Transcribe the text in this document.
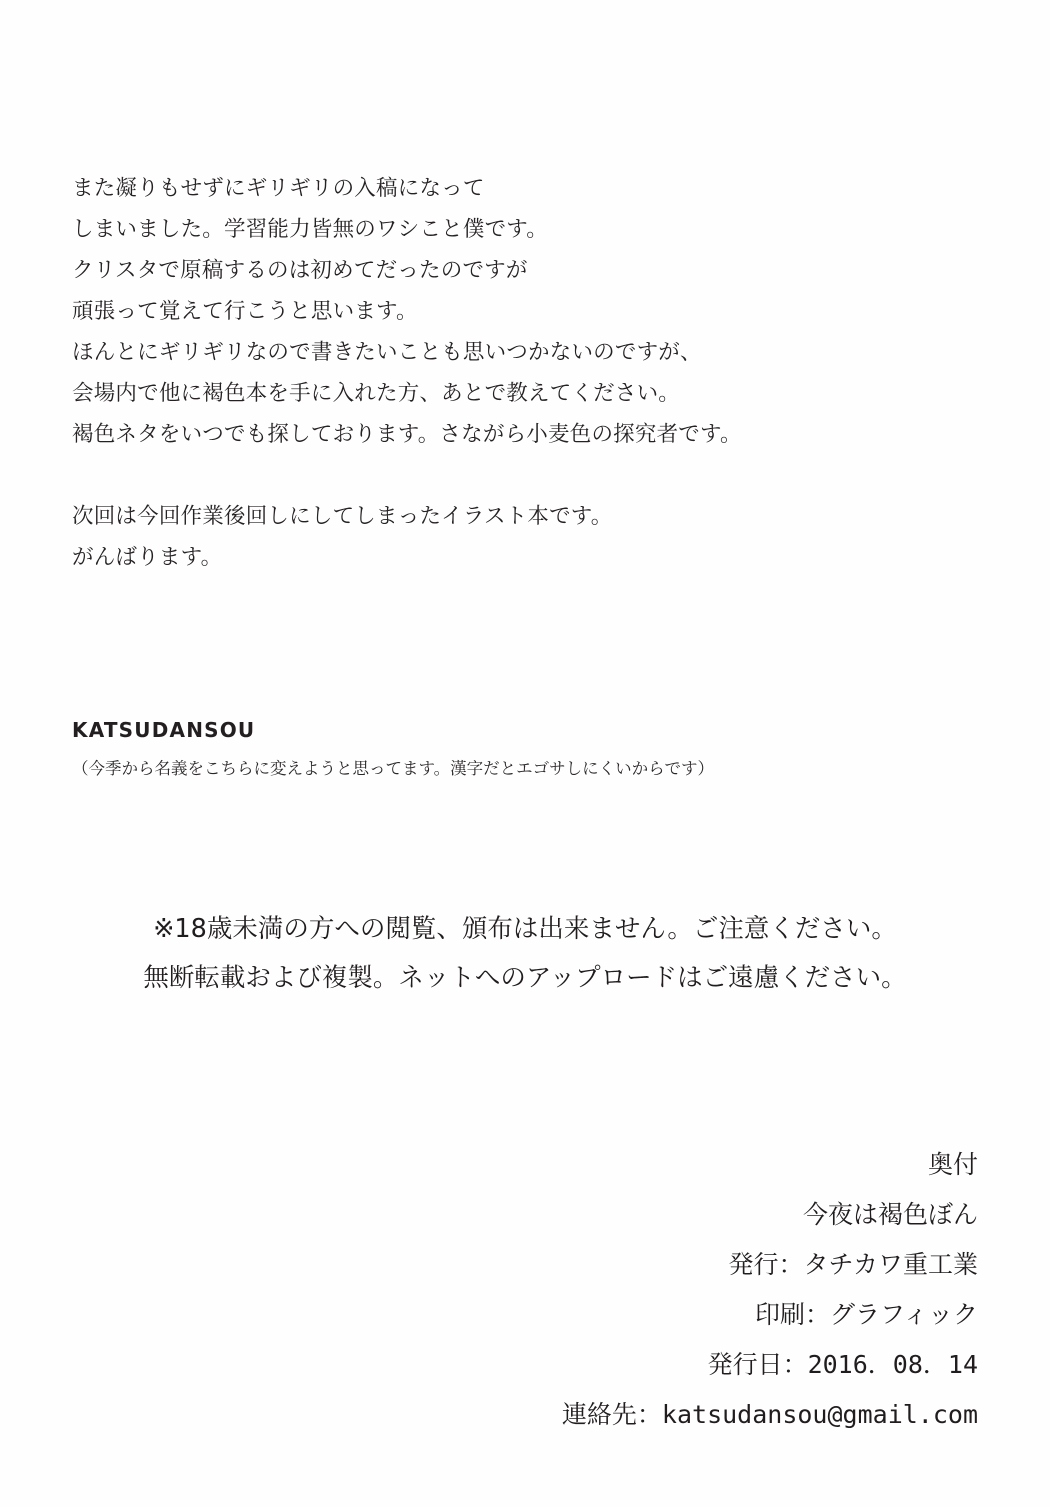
また凝りもせずにギリギリの入稿になって

しまいました。学習能力皆無のワシこと僕です。

クリスタで原稿するのは初めてだったのですが

頑張って覚えて行こうと思います。

ほんとにギリギリなので書きたいことも思いつかないのですが、

会場内で他に褐色本を手に入れた方、あとで教えてください。

褐色ネタをいつでも探しております。さながら小麦色の探究者です。

次回は今回作業後回しにしてしまったイラスト本です。

がんばります。

KATSUDANSOU
（今季から名義をこちらに変えようと思ってます。漢字だとエゴサしにくいからです）
※18歳未満の方への閲覧、頒布は出来ません。ご注意ください。
無断転載および複製。ネットへのアップロードはご遠慮ください。
奥付
今夜は褐色ぼん
発行：タチカワ重工業
印刷：グラフィック
発行日：2016．08．14
連絡先：katsudansou@gmail.com
